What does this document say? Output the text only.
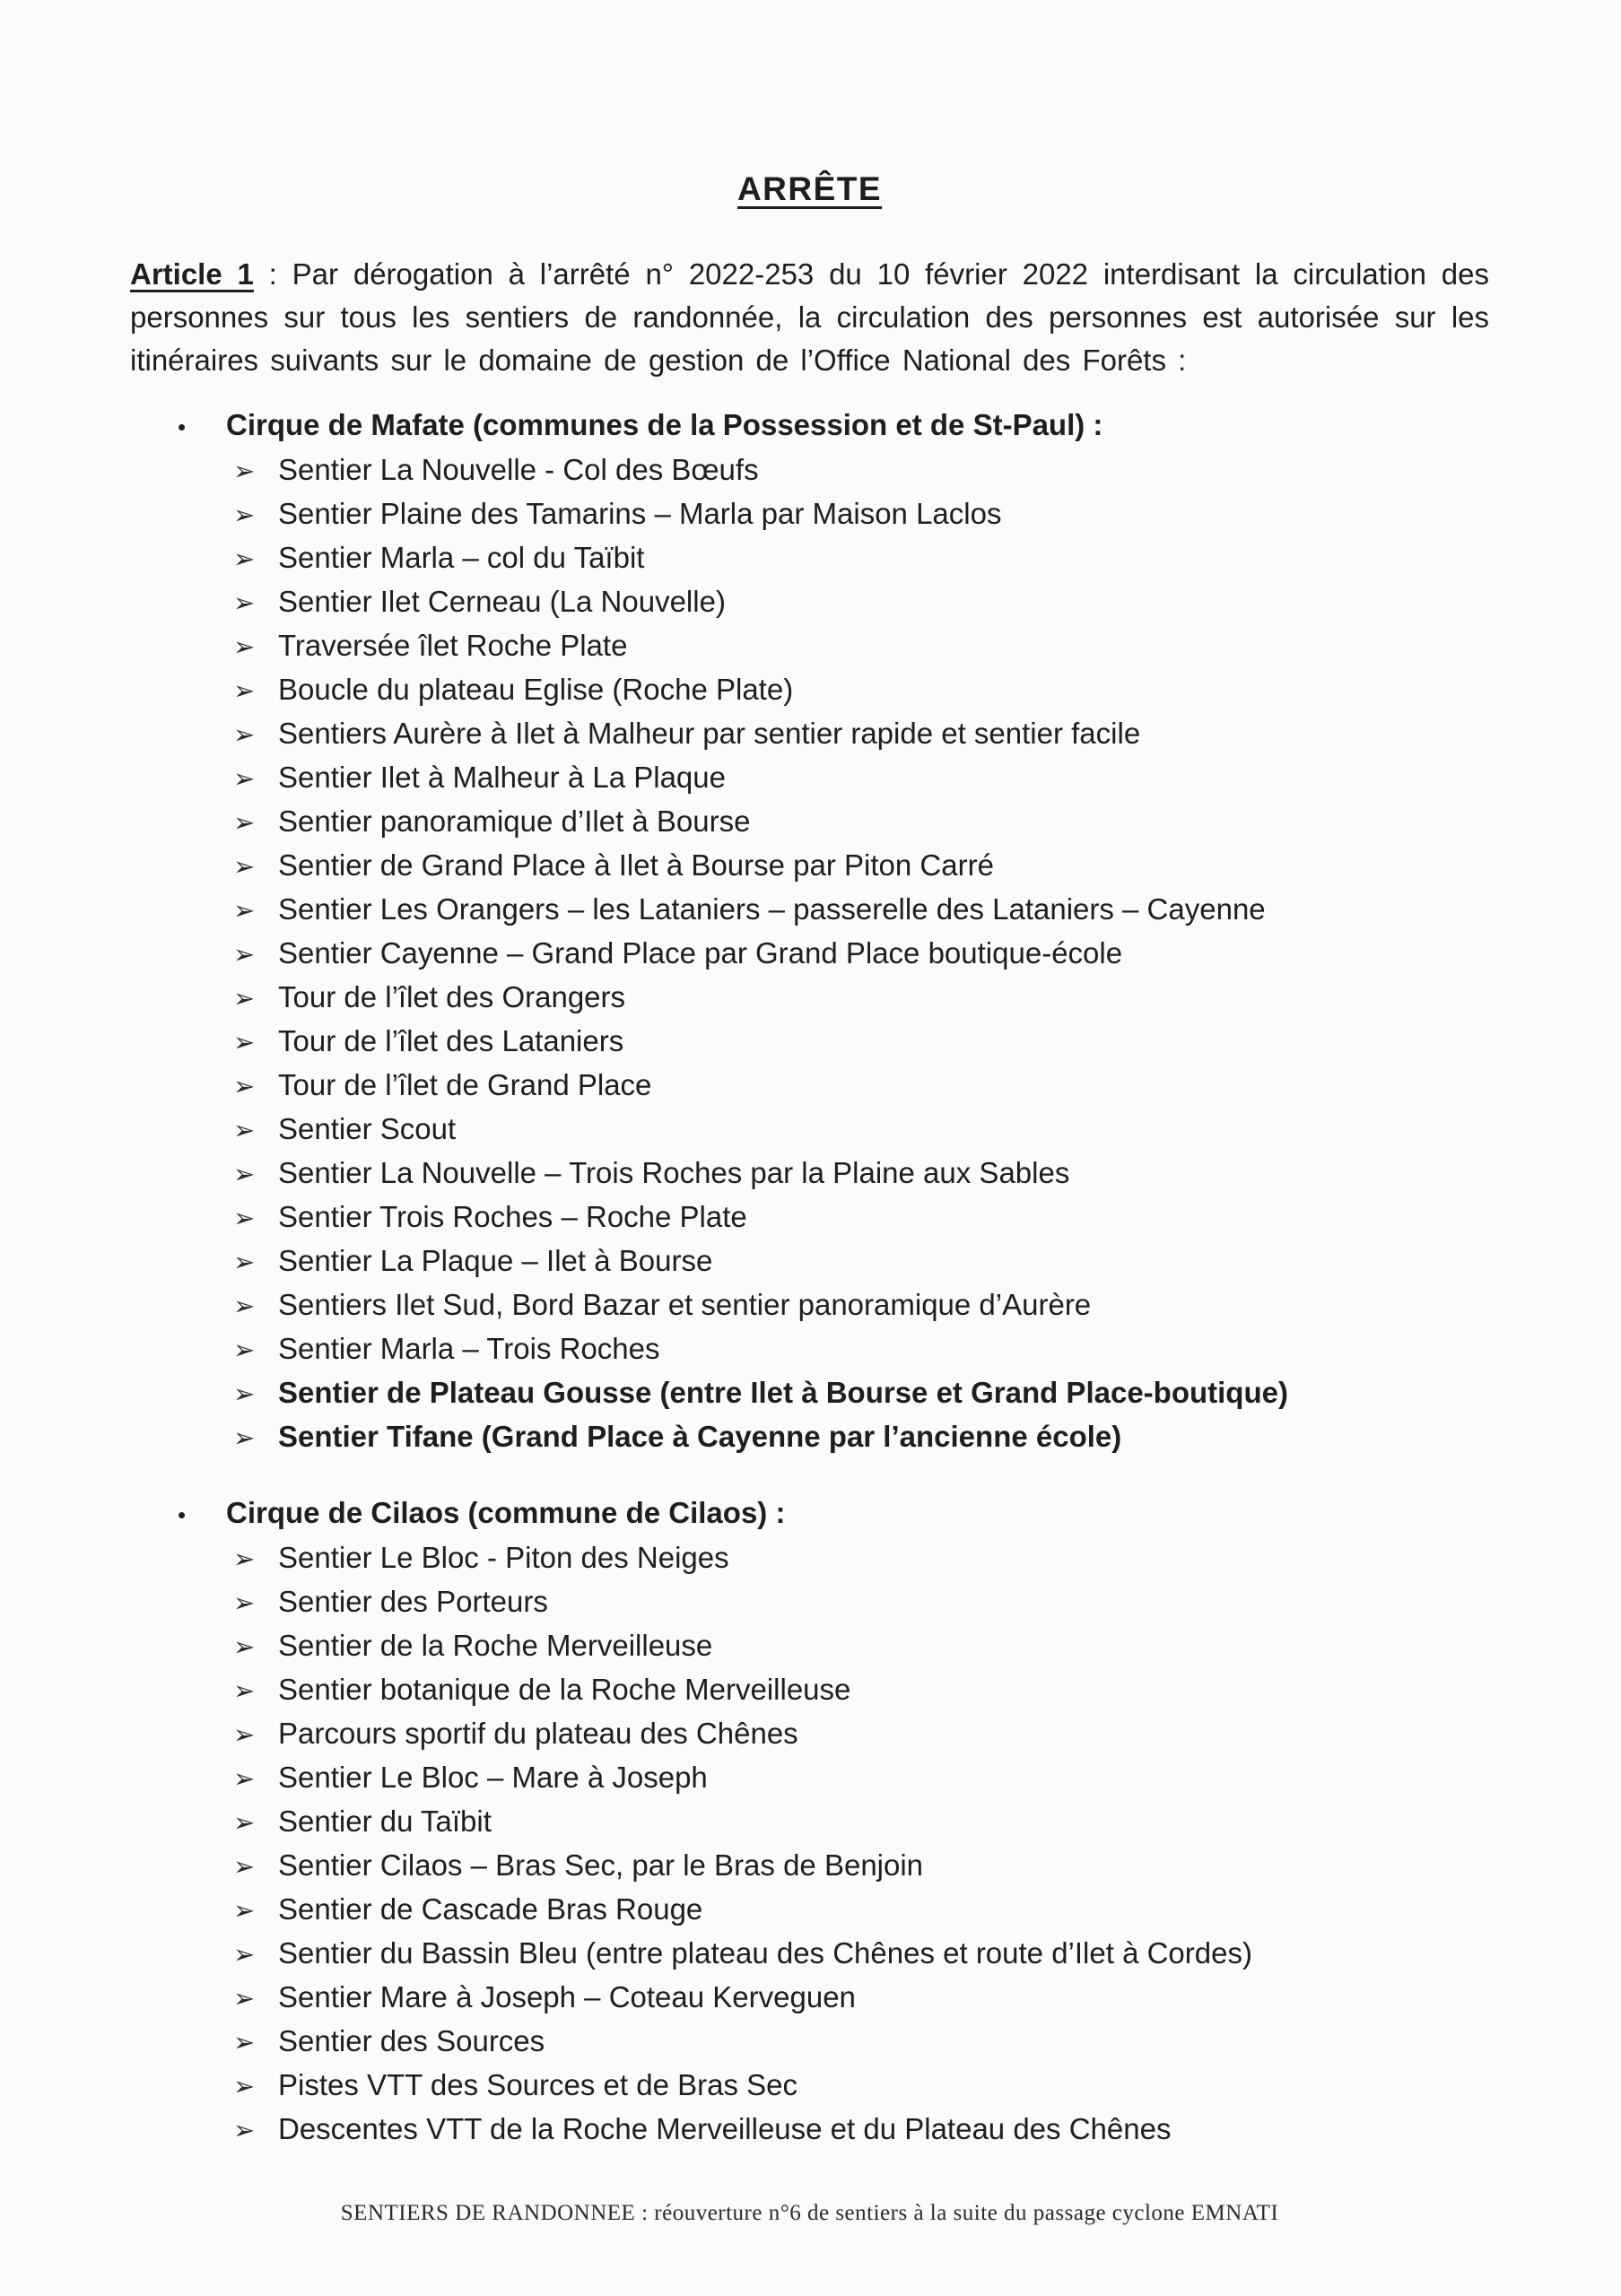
ARRÊTE

Article 1 : Par dérogation à l’arrêté n° 2022-253 du 10 février 2022 interdisant la circulation des personnes sur tous les sentiers de randonnée, la circulation des personnes est autorisée sur les itinéraires suivants sur le domaine de gestion de l’Office National des Forêts :

•	Cirque de Mafate (communes de la Possession et de St-Paul) :
➢ Sentier La Nouvelle - Col des Bœufs
➢ Sentier Plaine des Tamarins – Marla par Maison Laclos
➢ Sentier Marla – col du Taïbit
➢ Sentier Ilet Cerneau (La Nouvelle)
➢ Traversée îlet Roche Plate
➢ Boucle du plateau Eglise (Roche Plate)
➢ Sentiers Aurère à Ilet à Malheur par sentier rapide et sentier facile
➢ Sentier Ilet à Malheur à La Plaque
➢ Sentier panoramique d’Ilet à Bourse
➢ Sentier de Grand Place à Ilet à Bourse par Piton Carré
➢ Sentier Les Orangers – les Lataniers – passerelle des Lataniers – Cayenne
➢ Sentier Cayenne – Grand Place par Grand Place boutique-école
➢ Tour de l’îlet des Orangers
➢ Tour de l’îlet des Lataniers
➢ Tour de l’îlet de Grand Place
➢ Sentier Scout
➢ Sentier La Nouvelle – Trois Roches par la Plaine aux Sables
➢ Sentier Trois Roches – Roche Plate
➢ Sentier La Plaque – Ilet à Bourse
➢ Sentiers Ilet Sud, Bord Bazar et sentier panoramique d’Aurère
➢ Sentier Marla – Trois Roches
➢ Sentier de Plateau Gousse (entre Ilet à Bourse et Grand Place-boutique)
➢ Sentier Tifane (Grand Place à Cayenne par l’ancienne école)
•	Cirque de Cilaos (commune de Cilaos) :
➢ Sentier Le Bloc - Piton des Neiges
➢ Sentier des Porteurs
➢ Sentier de la Roche Merveilleuse
➢ Sentier botanique de la Roche Merveilleuse
➢ Parcours sportif du plateau des Chênes
➢ Sentier Le Bloc – Mare à Joseph
➢ Sentier du Taïbit
➢ Sentier Cilaos – Bras Sec, par le Bras de Benjoin
➢ Sentier de Cascade Bras Rouge
➢ Sentier du Bassin Bleu (entre plateau des Chênes et route d’Ilet à Cordes)
➢ Sentier Mare à Joseph – Coteau Kerveguen
➢ Sentier des Sources
➢ Pistes VTT des Sources et de Bras Sec
➢ Descentes VTT de la Roche Merveilleuse et du Plateau des Chênes
SENTIERS DE RANDONNEE : réouverture n°6 de sentiers à la suite du passage cyclone EMNATI
